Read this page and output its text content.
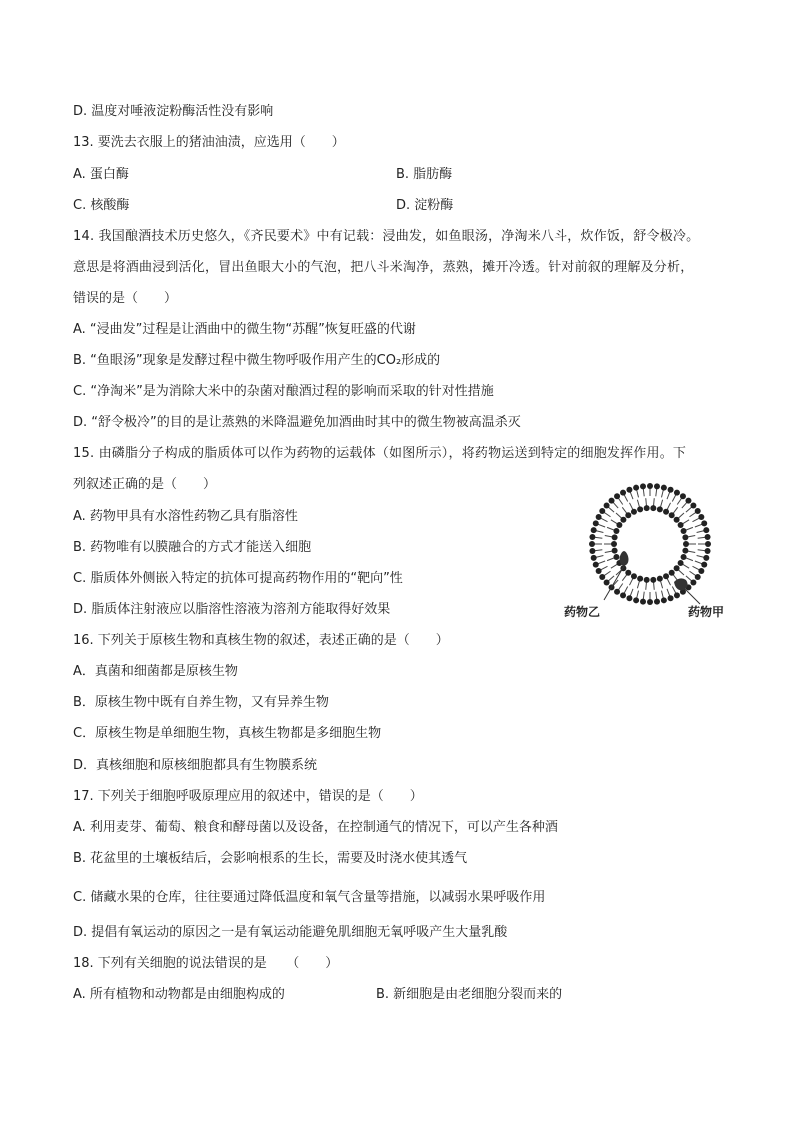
D. 温度对唾液淀粉酶活性没有影响
13. 要洗去衣服上的猪油油渍，应选用（　　）
A. 蛋白酶	B. 脂肪酶
C. 核酸酶	D. 淀粉酶
14. 我国酿酒技术历史悠久，《齐民要术》中有记载：浸曲发，如鱼眼汤，净淘米八斗，炊作饭，舒令极冷。
意思是将酒曲浸到活化，冒出鱼眼大小的气泡，把八斗米淘净，蒸熟，摊开冷透。针对前叙的理解及分析，
错误的是（　　）
A. “浸曲发”过程是让酒曲中的微生物“苏醒”恢复旺盛的代谢
B. “鱼眼汤”现象是发酵过程中微生物呼吸作用产生的CO₂形成的
C. “净淘米”是为消除大米中的杂菌对酿酒过程的影响而采取的针对性措施
D. “舒令极冷”的目的是让蒸熟的米降温避免加酒曲时其中的微生物被高温杀灭
15. 由磷脂分子构成的脂质体可以作为药物的运载体（如图所示），将药物运送到特定的细胞发挥作用。下
列叙述正确的是（　　）
A. 药物甲具有水溶性药物乙具有脂溶性
B. 药物唯有以膜融合的方式才能送入细胞
C. 脂质体外侧嵌入特定的抗体可提高药物作用的“靶向”性
D. 脂质体注射液应以脂溶性溶液为溶剂方能取得好效果	药物乙	药物甲
16. 下列关于原核生物和真核生物的叙述，表述正确的是（　　）
A．真菌和细菌都是原核生物
B．原核生物中既有自养生物，又有异养生物
C．原核生物是单细胞生物，真核生物都是多细胞生物
D．真核细胞和原核细胞都具有生物膜系统
17. 下列关于细胞呼吸原理应用的叙述中，错误的是（　　）
A. 利用麦芽、葡萄、粮食和酵母菌以及设备，在控制通气的情况下，可以产生各种酒
B. 花盆里的土壤板结后，会影响根系的生长，需要及时浇水使其透气
C. 储藏水果的仓库，往往要通过降低温度和氧气含量等措施，以减弱水果呼吸作用
D. 提倡有氧运动的原因之一是有氧运动能避免肌细胞无氧呼吸产生大量乳酸
18. 下列有关细胞的说法错误的是　　（　　）
A. 所有植物和动物都是由细胞构成的	B. 新细胞是由老细胞分裂而来的
